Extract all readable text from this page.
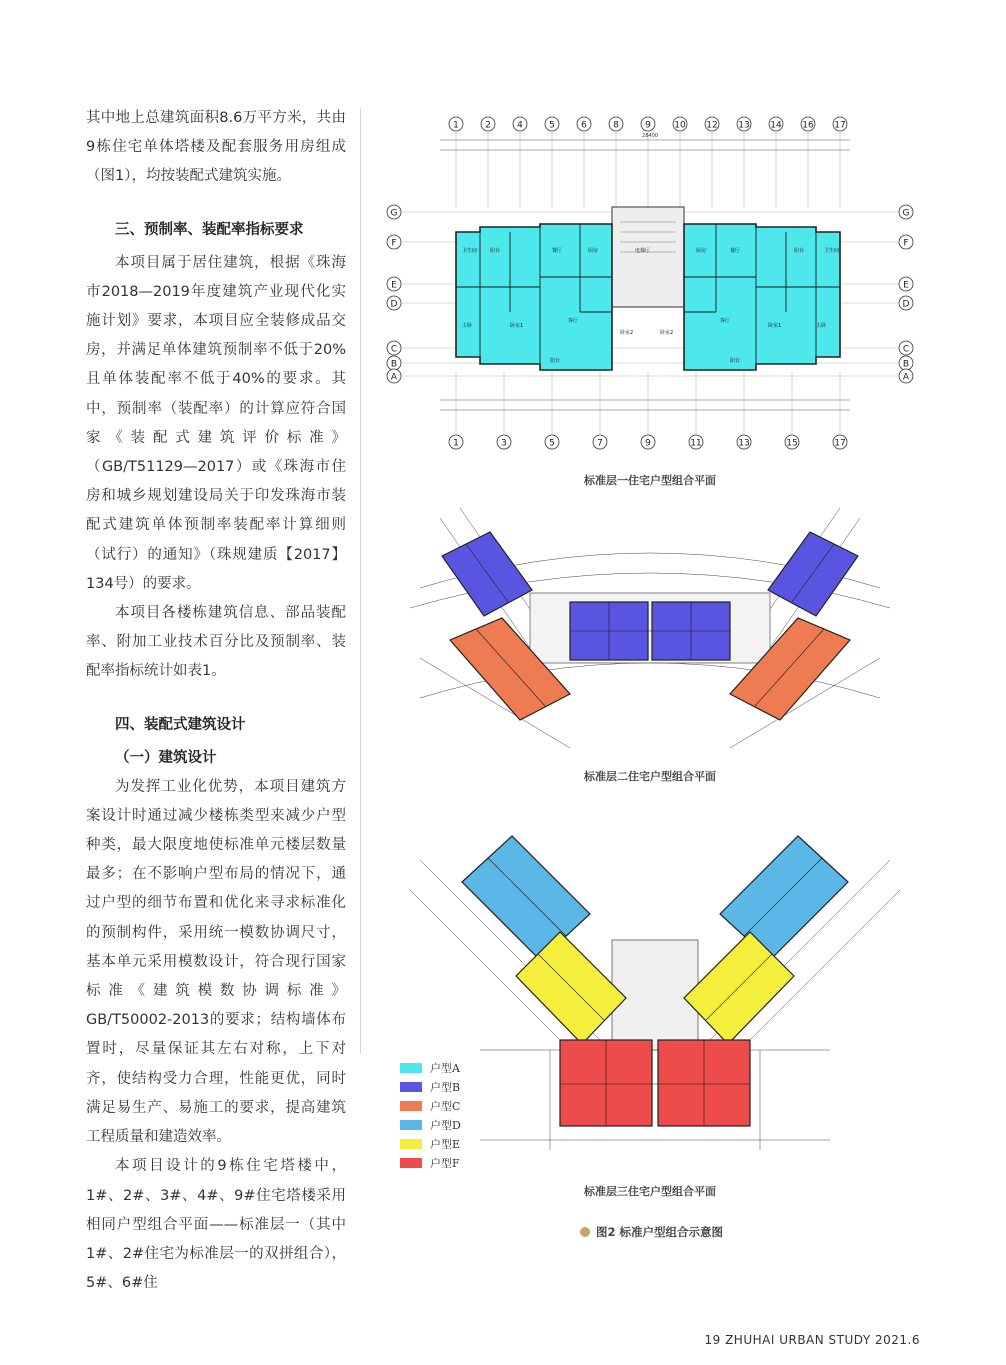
其中地上总建筑面积8.6万平方米，共由9栋住宅单体塔楼及配套服务用房组成（图1），均按装配式建筑实施。

三、预制率、装配率指标要求

本项目属于居住建筑，根据《珠海市2018—2019年度建筑产业现代化实施计划》要求，本项目应全装修成品交房，并满足单体建筑预制率不低于20%且单体装配率不低于40%的要求。其中，预制率（装配率）的计算应符合国家《装配式建筑评价标准》（GB/T51129—2017）或《珠海市住房和城乡规划建设局关于印发珠海市装配式建筑单体预制率装配率计算细则（试行）的通知》（珠规建质【2017】134号）的要求。

本项目各楼栋建筑信息、部品装配率、附加工业技术百分比及预制率、装配率指标统计如表1。

四、装配式建筑设计

（一）建筑设计

为发挥工业化优势，本项目建筑方案设计时通过减少楼栋类型来减少户型种类，最大限度地使标准单元楼层数量最多；在不影响户型布局的情况下，通过户型的细节布置和优化来寻求标准化的预制构件，采用统一模数协调尺寸，基本单元采用模数设计，符合现行国家标准《建筑模数协调标准》GB/T50002-2013的要求；结构墙体布置时，尽量保证其左右对称，上下对齐，使结构受力合理，性能更优，同时满足易生产、易施工的要求，提高建筑工程质量和建造效率。

本项目设计的9栋住宅塔楼中，1#、2#、3#、4#、9#住宅塔楼采用相同户型组合平面——标准层一（其中1#、2#住宅为标准层一的双拼组合），5#、6#住

1	2	4	5	6	8	9	10 12 13 14 16 17
1	3	5	7	9	11	13	15	17
G	G
F	F
E	E
D	D
C	C
B	B
A	A
28400
卫生间	阳台	餐厅	厨房	电梯厅
主卧	卧室1
客厅
卧室2
阳台
卫生间
阳台
餐厅
厨房
主卧
卧室1
客厅
卧室2
阳台
标准层一住宅户型组合平面
标准层二住宅户型组合平面
标准层三住宅户型组合平面
户型A
户型B
户型C
户型D
户型E
户型F
图2 标准户型组合示意图
19 ZHUHAI URBAN STUDY 2021.6
